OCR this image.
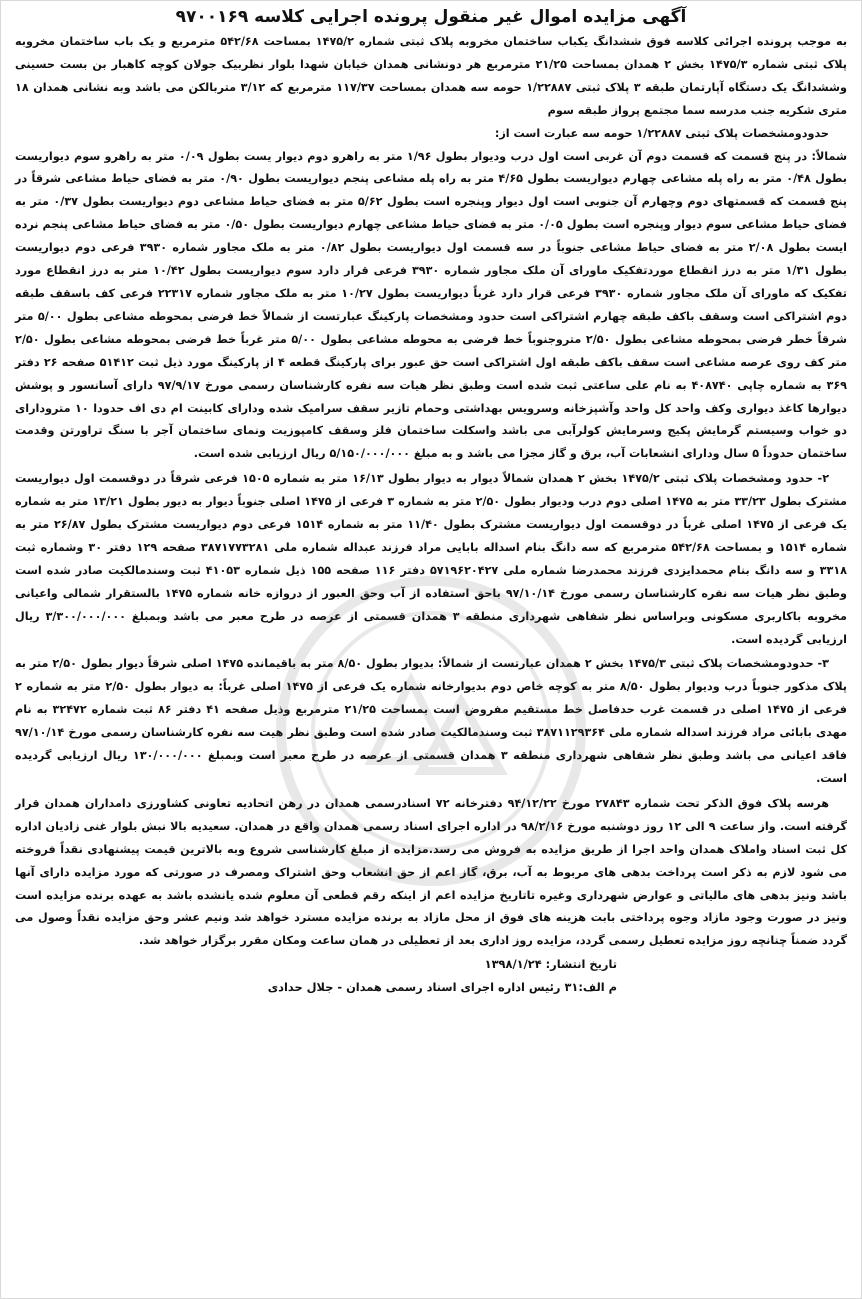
آگهی مزایده اموال غیر منقول پرونده اجرایی کلاسه ۹۷۰۰۱۶۹

به موجب پرونده اجرائی کلاسه فوق ششدانگ یکباب ساختمان مخروبه پلاک ثبتی شماره ۱۴۷۵/۲ بمساحت ۵۴۲/۶۸ مترمربع و یک باب ساختمان مخروبه پلاک ثبتی شماره ۱۴۷۵/۳ بخش ۲ همدان بمساحت ۲۱/۲۵ مترمربع هر دونشانی همدان خیابان شهدا بلوار نظربیک جولان کوچه کاهبار بن بست حسینی وششدانگ یک دستگاه آپارتمان طبقه ۳ پلاک ثبتی ۱/۲۲۸۸۷ حومه سه همدان بمساحت ۱۱۷/۳۷ مترمربع که ۳/۱۲ متربالکن می باشد وبه نشانی همدان ۱۸ متری شکریه جنب مدرسه سما مجتمع پرواز طبقه سوم

حدودومشخصات پلاک ثبتی ۱/۲۲۸۸۷ حومه سه عبارت است از:

شمالاً: در پنج قسمت که قسمت دوم آن غربی است اول درب ودیوار بطول ۱/۹۶ متر به راهرو دوم دیوار یست بطول ۰/۰۹ متر به راهرو سوم دیواریست بطول ۰/۴۸ متر به راه پله مشاعی چهارم دیواریست بطول ۴/۶۵ متر به راه پله مشاعی پنجم دیواریست بطول ۰/۹۰ متر به فضای حیاط مشاعی شرقاً در پنج قسمت که قسمتهای دوم وچهارم آن جنوبی است اول دیوار وپنجره است بطول ۵/۶۲ متر به فضای حیاط مشاعی دوم دیواریست بطول ۰/۳۷ متر به فضای حیاط مشاعی سوم دیوار وپنجره است بطول ۰/۰۵ متر به فضای حیاط مشاعی چهارم دیواریست بطول ۰/۵۰ متر به فضای حیاط مشاعی پنجم نرده ایست بطول ۲/۰۸ متر به فضای حیاط مشاعی جنوباً در سه قسمت اول دیواریست بطول ۰/۸۲ متر به ملک مجاور شماره ۳۹۳۰ فرعی دوم دیواریست بطول ۱/۳۱ متر به درز انقطاع موردتفکیک ماورای آن ملک مجاور شماره ۳۹۳۰ فرعی قرار دارد سوم دیواریست بطول ۱۰/۴۲ متر به درز انقطاع مورد تفکیک که ماورای آن ملک مجاور شماره ۳۹۳۰ فرعی قرار دارد غرباً دیواریست بطول ۱۰/۲۷ متر به ملک مجاور شماره ۲۲۳۱۷ فرعی کف باسقف طبقه دوم اشتراکی است وسقف باکف طبقه چهارم اشتراکی است حدود ومشخصات پارکینگ عبارتست از شمالاً خط فرضی بمحوطه مشاعی بطول ۵/۰۰ متر شرقاً خطر فرضی بمحوطه مشاعی بطول ۲/۵۰ متروجنوباً خط فرضی به محوطه مشاعی بطول ۵/۰۰ متر غرباً خط فرضی بمحوطه مشاعی بطول ۲/۵۰ متر کف روی عرصه مشاعی است سقف باکف طبقه اول اشتراکی است حق عبور برای پارکینگ قطعه ۴ از پارکینگ مورد ذیل ثبت ۵۱۴۱۲ صفحه ۲۶ دفتر ۳۶۹ به شماره چاپی ۴۰۸۷۴۰ به نام علی ساعتی ثبت شده است وطبق نظر هیات سه نفره کارشناسان رسمی مورخ ۹۷/۹/۱۷ دارای آسانسور و پوشش دیوارها کاغذ دیواری وکف واحد کل واحد وآشپزخانه وسرویس بهداشتی وحمام تازیر سقف سرامیک شده ودارای کابینت ام دی اف حدودا ۱۰ مترودارای دو خواب وسیستم گرمایش پکیج وسرمایش کولرآبی می باشد واسکلت ساختمان فلز وسقف کامپوزیت ونمای ساختمان آجر با سنگ تراورتن وقدمت ساختمان حدوداً ۵ سال ودارای انشعابات آب، برق و گاز مجزا می باشد و به مبلغ ۵/۱۵۰/۰۰۰/۰۰۰ ریال ارزیابی شده است.

۲- حدود ومشخصات پلاک ثبتی ۱۴۷۵/۲ بخش ۲ همدان شمالاً دیوار به دیوار بطول ۱۶/۱۳ متر به شماره ۱۵۰۵ فرعی شرقاً در دوقسمت اول دیواریست مشترک بطول ۳۳/۲۳ متر به ۱۴۷۵ اصلی دوم درب ودیوار بطول ۲/۵۰ متر به شماره ۳ فرعی از ۱۴۷۵ اصلی جنوباً دیوار به دیور بطول ۱۳/۲۱ متر به شماره یک فرعی از ۱۴۷۵ اصلی غرباً در دوقسمت اول دیواریست مشترک بطول ۱۱/۴۰ متر به شماره ۱۵۱۴ فرعی دوم دیواریست مشترک بطول ۲۶/۸۷ متر به شماره ۱۵۱۴ و بمساحت ۵۴۲/۶۸ مترمربع که سه دانگ بنام اسداله بابایی مراد فرزند عبداله شماره ملی ۳۸۷۱۷۷۳۲۸۱ صفحه ۱۲۹ دفتر ۳۰ وشماره ثبت ۳۳۱۸ و سه دانگ بنام محمدایزدی فرزند محمدرضا شماره ملی ۵۷۱۹۶۲۰۴۲۷ دفتر ۱۱۶ صفحه ۱۵۵ ذیل شماره ۴۱۰۵۳ ثبت وسندمالکیت صادر شده است وطبق نظر هیات سه نفره کارشناسان رسمی مورخ ۹۷/۱۰/۱۴ باحق استفاده از آب وحق العبور از دروازه خانه شماره ۱۴۷۵ بالستقرار شمالی واعیانی مخروبه باکاربری مسکونی وبراساس نظر شفاهی شهرداری منطقه ۳ همدان قسمتی از عرصه در طرح معبر می باشد وبمبلغ ۳/۳۰۰/۰۰۰/۰۰۰ ریال ارزیابی گردیده است.

۳- حدودومشخصات پلاک ثبتی ۱۴۷۵/۳ بخش ۲ همدان عبارتست از شمالاً: بدیوار بطول ۸/۵۰ متر به باقیمانده ۱۴۷۵ اصلی شرقاً دیوار بطول ۲/۵۰ متر به پلاک مذکور جنوباً درب ودیوار بطول ۸/۵۰ متر به کوچه خاص دوم بدیوارخانه شماره یک فرعی از ۱۴۷۵ اصلی غرباً: به دیوار بطول ۲/۵۰ متر به شماره ۲ فرعی از ۱۴۷۵ اصلی در قسمت غرب حدفاصل خط مستقیم مفروض است بمساحت ۲۱/۲۵ مترمربع وذیل صفحه ۴۱ دفتر ۸۶ ثبت شماره ۳۲۴۷۲ به نام مهدی بابائی مراد فرزند اسداله شماره ملی ۳۸۷۱۱۲۹۳۶۴ ثبت وسندمالکیت صادر شده است وطبق نظر هیت سه نفره کارشناسان رسمی مورخ ۹۷/۱۰/۱۴ فاقد اعیانی می باشد وطبق نظر شفاهی شهرداری منطقه ۳ همدان قسمتی از عرصه در طرح معبر است وبمبلغ ۱۳۰/۰۰۰/۰۰۰ ریال ارزیابی گردیده است.

هرسه پلاک فوق الذکر تحت شماره ۲۷۸۴۳ مورخ ۹۴/۱۲/۲۲ دفترخانه ۷۲ اسنادرسمی همدان در رهن اتحادیه تعاونی کشاورزی دامداران همدان قرار گرفته است. واز ساعت ۹ الی ۱۲ روز دوشنبه مورخ ۹۸/۲/۱۶ در اداره اجرای اسناد رسمی همدان واقع در همدان. سعیدیه بالا نبش بلوار غنی زادیان اداره کل ثبت اسناد واملاک همدان واحد اجرا از طریق مزایده به فروش می رسد.مزایده از مبلغ کارشناسی شروع وبه بالاترین قیمت پیشنهادی نقداً فروخته می شود لازم به ذکر است پرداخت بدهی های مربوط به آب، برق، گاز اعم از حق انشعاب وحق اشتراک ومصرف در صورتی که مورد مزایده دارای آنها باشد ونیز بدهی های مالیاتی و عوارض شهرداری وغیره تاتاریخ مزایده اعم از اینکه رقم قطعی آن معلوم شده یانشده باشد به عهده برنده مزایده است ونیز در صورت وجود مازاد وجوه پرداختی بابت هزینه های فوق از محل مازاد به برنده مزایده مسترد خواهد شد ونیم عشر وحق مزایده نقداً وصول می گردد ضمناً چنانچه روز مزایده تعطیل رسمی گردد، مزایده روز اداری بعد از تعطیلی در همان ساعت ومکان مقرر برگزار خواهد شد.

تاریخ انتشار: ۱۳۹۸/۱/۲۴

م الف:۳۱ رئیس اداره اجرای اسناد رسمی همدان - جلال حدادی
